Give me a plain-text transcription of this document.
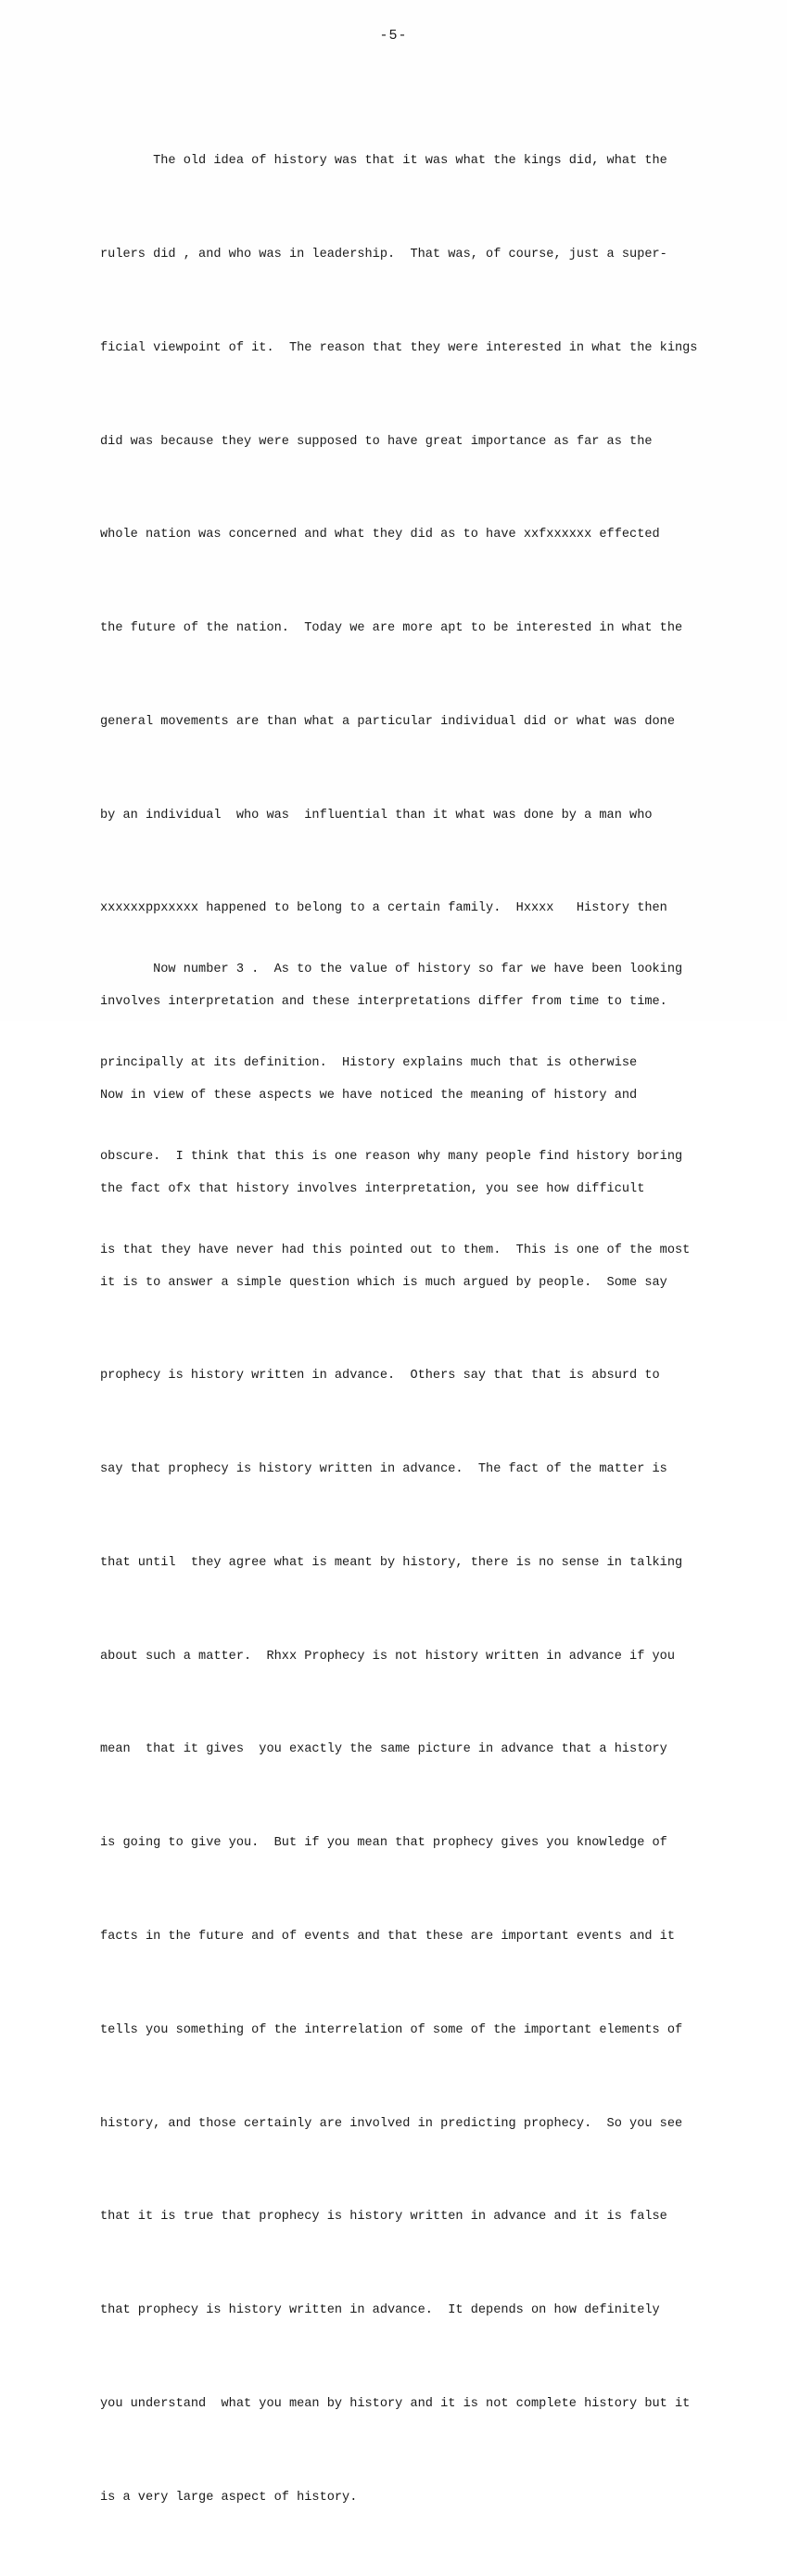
-5-

The old idea of history was that it was what the kings did, what the

rulers did , and who was in leadership.  That was, of course, just a super-

ficial viewpoint of it.  The reason that they were interested in what the kings

did was because they were supposed to have great importance as far as the

whole nation was concerned and what they did as to have xxfxxxxxx effected

the future of the nation.  Today we are more apt to be interested in what the

general movements are than what a particular individual did or what was done

by an individual  who was  influential than it what was done by a man who

xxxxxxppxxxxx happened to belong to a certain family.  Hxxxx   History then

involves interpretation and these interpretations differ from time to time.

Now in view of these aspects we have noticed the meaning of history and

the fact ofx that history involves interpretation, you see how difficult

it is to answer a simple question which is much argued by people.  Some say

prophecy is history written in advance.  Others say that that is absurd to

say that prophecy is history written in advance.  The fact of the matter is

that until  they agree what is meant by history, there is no sense in talking

about such a matter.  Rhxx Prophecy is not history written in advance if you

mean  that it gives  you exactly the same picture in advance that a history

is going to give you.  But if you mean that prophecy gives you knowledge of

facts in the future and of events and that these are important events and it

tells you something of the interrelation of some of the important elements of

history, and those certainly are involved in predicting prophecy.  So you see

that it is true that prophecy is history written in advance and it is false

that prophecy is history written in advance.  It depends on how definitely

you understand  what you mean by history and it is not complete history but it

is a very large aspect of history.

Now number 3 .  As to the value of history so far we have been looking

principally at its definition.  History explains much that is otherwise

obscure.  I think that this is one reason why many people find history boring

is that they have never had this pointed out to them.  This is one of the most
